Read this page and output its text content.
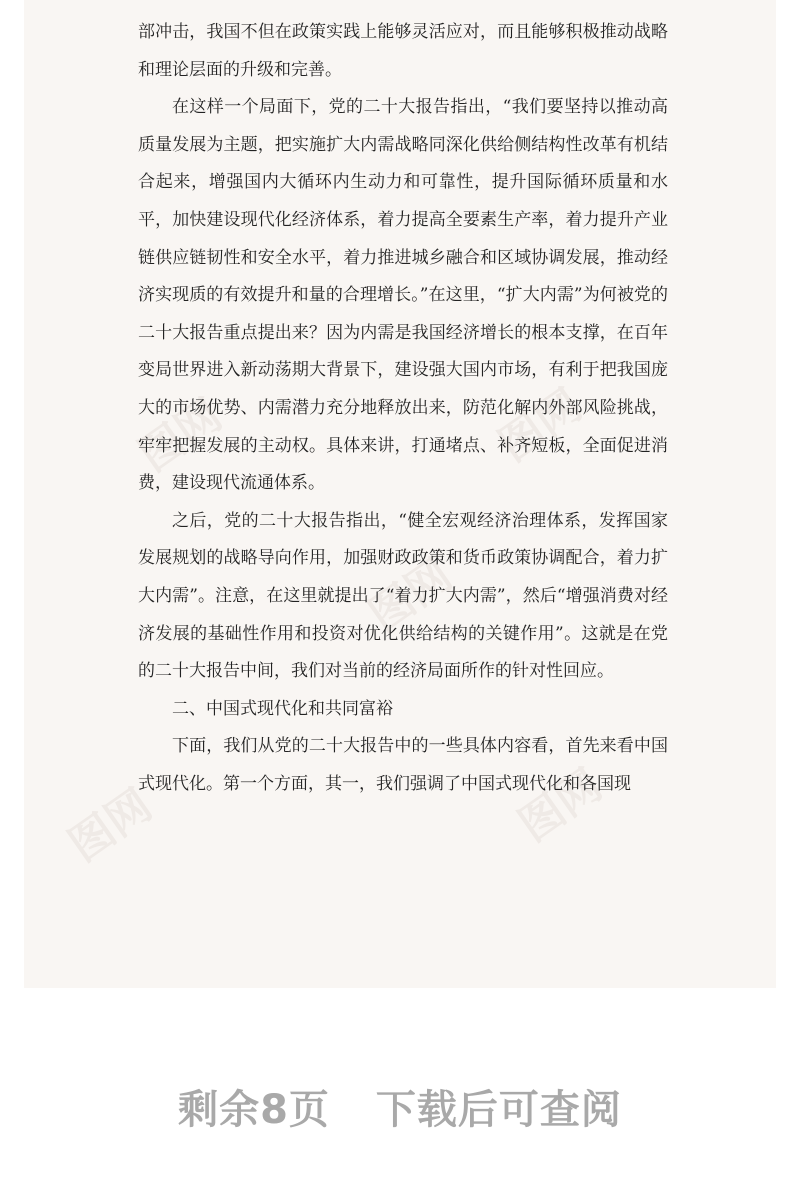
图网	图网
图网
图网	图网

部冲击，我国不但在政策实践上能够灵活应对，而且能够积极推动战略和理论层面的升级和完善。

在这样一个局面下，党的二十大报告指出，“我们要坚持以推动高质量发展为主题，把实施扩大内需战略同深化供给侧结构性改革有机结合起来，增强国内大循环内生动力和可靠性，提升国际循环质量和水平，加快建设现代化经济体系，着力提高全要素生产率，着力提升产业链供应链韧性和安全水平，着力推进城乡融合和区域协调发展，推动经济实现质的有效提升和量的合理增长。”在这里，“扩大内需”为何被党的二十大报告重点提出来？因为内需是我国经济增长的根本支撑，在百年变局世界进入新动荡期大背景下，建设强大国内市场，有利于把我国庞大的市场优势、内需潜力充分地释放出来，防范化解内外部风险挑战，牢牢把握发展的主动权。具体来讲，打通堵点、补齐短板，全面促进消费，建设现代流通体系。

之后，党的二十大报告指出，“健全宏观经济治理体系，发挥国家发展规划的战略导向作用，加强财政政策和货币政策协调配合，着力扩大内需”。注意，在这里就提出了“着力扩大内需”，然后“增强消费对经济发展的基础性作用和投资对优化供给结构的关键作用”。这就是在党的二十大报告中间，我们对当前的经济局面所作的针对性回应。

二、中国式现代化和共同富裕

下面，我们从党的二十大报告中的一些具体内容看，首先来看中国式现代化。第一个方面，其一，我们强调了中国式现代化和各国现

剩余8页 下载后可查阅
